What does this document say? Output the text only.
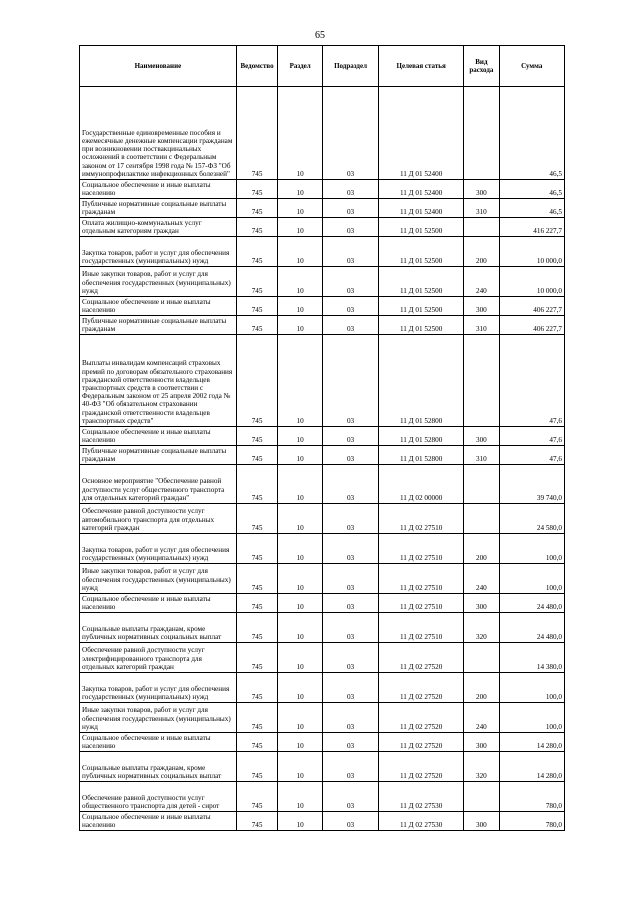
65
Наименование	Ведомство	Раздел	Подраздел	Целевая статья	Вид расхода	Сумма
Государственные единовременные пособия и ежемесячные денежные компенсации гражданам при возникновении поствакцинальных осложнений в соответствии с Федеральным законом от 17 сентября 1998 года № 157-ФЗ "Об иммунопрофилактике инфекционных болезней"	745	10	03	11 Д 01 52400		46,5
Социальное обеспечение и иные выплаты населению	745	10	03	11 Д 01 52400	300	46,5
Публичные нормативные социальные выплаты гражданам	745	10	03	11 Д 01 52400	310	46,5
Оплата жилищно-коммунальных услуг отдельным категориям граждан	745	10	03	11 Д 01 52500		416 227,7
Закупка товаров, работ и услуг для обеспечения государственных (муниципальных) нужд	745	10	03	11 Д 01 52500	200	10 000,0
Иные закупки товаров, работ и услуг для обеспечения государственных (муниципальных) нужд	745	10	03	11 Д 01 52500	240	10 000,0
Социальное обеспечение и иные выплаты населению	745	10	03	11 Д 01 52500	300	406 227,7
Публичные нормативные социальные выплаты гражданам	745	10	03	11 Д 01 52500	310	406 227,7
Выплаты инвалидам компенсаций страховых премий по договорам обязательного страхования гражданской ответственности владельцев транспортных средств в соответствии с Федеральным законом от 25 апреля 2002 года № 40-ФЗ "Об обязательном страховании гражданской ответственности владельцев транспортных средств"	745	10	03	11 Д 01 52800		47,6
Социальное обеспечение и иные выплаты населению	745	10	03	11 Д 01 52800	300	47,6
Публичные нормативные социальные выплаты гражданам	745	10	03	11 Д 01 52800	310	47,6
Основное мероприятие "Обеспечение равной доступности услуг общественного транспорта для отдельных категорий граждан"	745	10	03	11 Д 02 00000		39 740,0
Обеспечение равной доступности услуг автомобильного транспорта для отдельных категорий граждан	745	10	03	11 Д 02 27510		24 580,0
Закупка товаров, работ и услуг для обеспечения государственных (муниципальных) нужд	745	10	03	11 Д 02 27510	200	100,0
Иные закупки товаров, работ и услуг для обеспечения государственных (муниципальных) нужд	745	10	03	11 Д 02 27510	240	100,0
Социальное обеспечение и иные выплаты населению	745	10	03	11 Д 02 27510	300	24 480,0
Социальные выплаты гражданам, кроме публичных нормативных социальных выплат	745	10	03	11 Д 02 27510	320	24 480,0
Обеспечение равной доступности услуг электрифицированного транспорта для отдельных категорий граждан	745	10	03	11 Д 02 27520		14 380,0
Закупка товаров, работ и услуг для обеспечения государственных (муниципальных) нужд	745	10	03	11 Д 02 27520	200	100,0
Иные закупки товаров, работ и услуг для обеспечения государственных (муниципальных) нужд	745	10	03	11 Д 02 27520	240	100,0
Социальное обеспечение и иные выплаты населению	745	10	03	11 Д 02 27520	300	14 280,0
Социальные выплаты гражданам, кроме публичных нормативных социальных выплат	745	10	03	11 Д 02 27520	320	14 280,0
Обеспечение равной доступности услуг общественного транспорта для детей - сирот	745	10	03	11 Д 02 27530		780,0
Социальное обеспечение и иные выплаты населению	745	10	03	11 Д 02 27530	300	780,0
